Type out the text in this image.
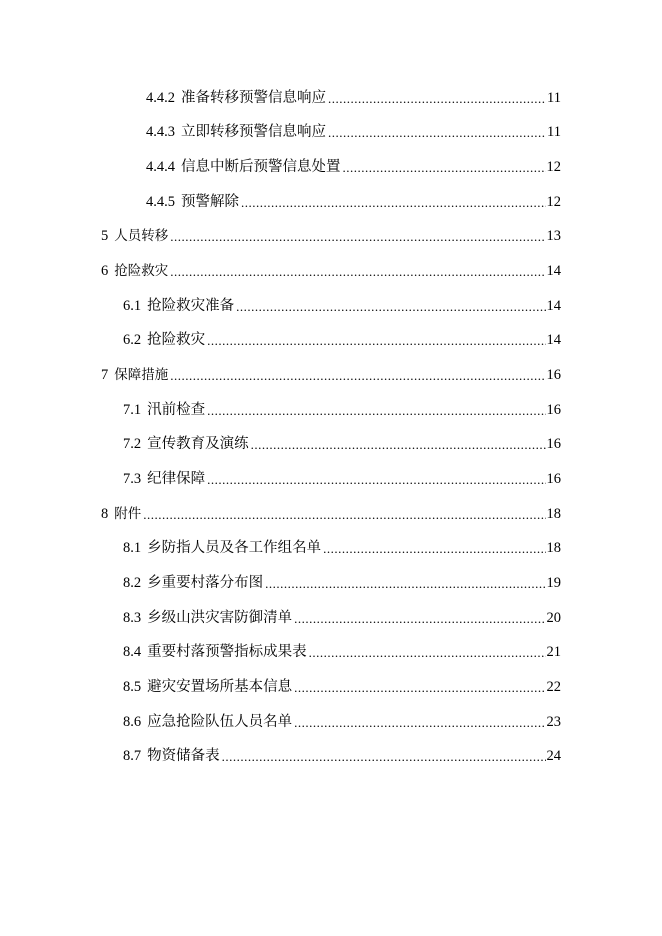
4.4.2 准备转移预警信息响应 .....	11
4.4.3 立即转移预警信息响应 .....	11
4.4.4 信息中断后预警信息处置 .....	12
4.4.5 预警解除 .....	12
5 人员转移 .....	13
6 抢险救灾 .....	14
6.1 抢险救灾准备 .....	14
6.2 抢险救灾 .....	14
7 保障措施 .....	16
7.1 汛前检查 .....	16
7.2 宣传教育及演练 .....	16
7.3 纪律保障 .....	16
8 附件 .....	18
8.1 乡防指人员及各工作组名单 .....	18
8.2 乡重要村落分布图 .....	19
8.3 乡级山洪灾害防御清单 .....	20
8.4 重要村落预警指标成果表 .....	21
8.5 避灾安置场所基本信息 .....	22
8.6 应急抢险队伍人员名单 .....	23
8.7 物资储备表 .....	24
